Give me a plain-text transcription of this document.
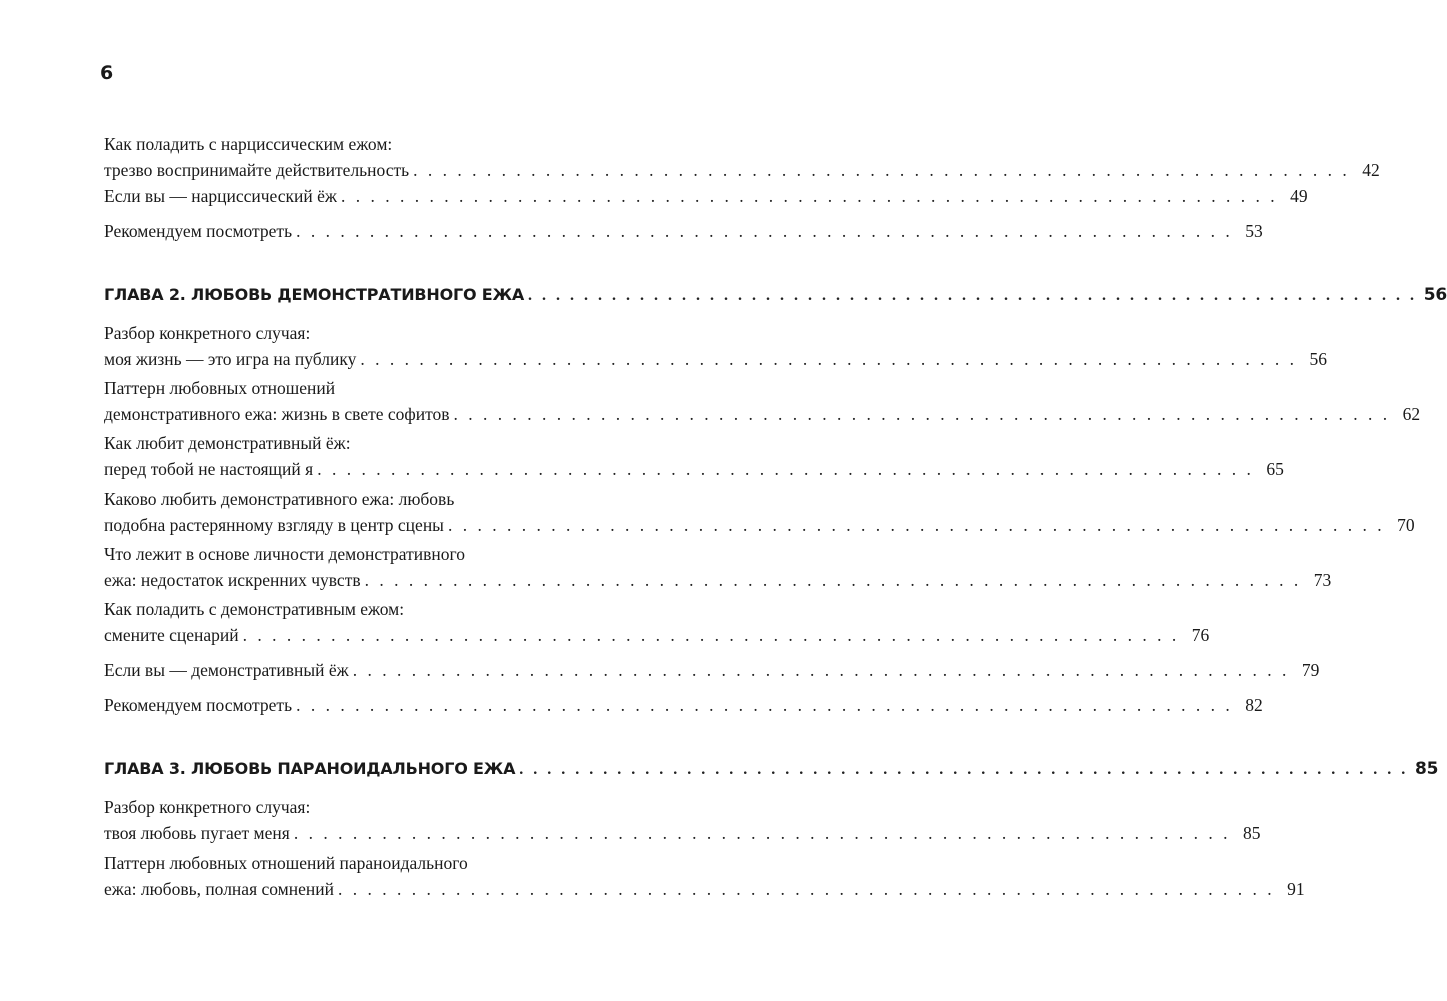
6
Как поладить с нарциссическим ежом:
трезво воспринимайте действительность . . . . . . . . . . . . . . . . . . . . . . . . . . . . . . . . . . . . . . . . . . . . . . . . . . . . . . . . . . . . . . . . 42
Если вы — нарциссический ёж . . . . . . . . . . . . . . . . . . . . . . . . . . . . . . . . . . . . . . . . . . . . . . . . . . . . . . . . . . . . . . . . 49
Рекомендуем посмотреть . . . . . . . . . . . . . . . . . . . . . . . . . . . . . . . . . . . . . . . . . . . . . . . . . . . . . . . . . . . . . . . . 53
ГЛАВА 2. ЛЮБОВЬ ДЕМОНСТРАТИВНОГО ЕЖА . . . . . . . . . . . . . . . . . . . . . . . . . . . . . . . . . . . . . . . . . . . . . . . . . . . . . . . . . . . . . . . . 56
Разбор конкретного случая:
моя жизнь — это игра на публику . . . . . . . . . . . . . . . . . . . . . . . . . . . . . . . . . . . . . . . . . . . . . . . . . . . . . . . . . . . . . . . . 56
Паттерн любовных отношений
демонстративного ежа: жизнь в свете софитов . . . . . . . . . . . . . . . . . . . . . . . . . . . . . . . . . . . . . . . . . . . . . . . . . . . . . . . . . . . . . . . . 62
Как любит демонстративный ёж:
перед тобой не настоящий я . . . . . . . . . . . . . . . . . . . . . . . . . . . . . . . . . . . . . . . . . . . . . . . . . . . . . . . . . . . . . . . . 65
Каково любить демонстративного ежа: любовь
подобна растерянному взгляду в центр сцены . . . . . . . . . . . . . . . . . . . . . . . . . . . . . . . . . . . . . . . . . . . . . . . . . . . . . . . . . . . . . . . . 70
Что лежит в основе личности демонстративного
ежа: недостаток искренних чувств . . . . . . . . . . . . . . . . . . . . . . . . . . . . . . . . . . . . . . . . . . . . . . . . . . . . . . . . . . . . . . . . 73
Как поладить с демонстративным ежом:
смените сценарий . . . . . . . . . . . . . . . . . . . . . . . . . . . . . . . . . . . . . . . . . . . . . . . . . . . . . . . . . . . . . . . . 76
Если вы — демонстративный ёж . . . . . . . . . . . . . . . . . . . . . . . . . . . . . . . . . . . . . . . . . . . . . . . . . . . . . . . . . . . . . . . . 79
Рекомендуем посмотреть . . . . . . . . . . . . . . . . . . . . . . . . . . . . . . . . . . . . . . . . . . . . . . . . . . . . . . . . . . . . . . . . 82
ГЛАВА 3. ЛЮБОВЬ ПАРАНОИДАЛЬНОГО ЕЖА . . . . . . . . . . . . . . . . . . . . . . . . . . . . . . . . . . . . . . . . . . . . . . . . . . . . . . . . . . . . . . . . 85
Разбор конкретного случая:
твоя любовь пугает меня . . . . . . . . . . . . . . . . . . . . . . . . . . . . . . . . . . . . . . . . . . . . . . . . . . . . . . . . . . . . . . . . 85
Паттерн любовных отношений параноидального
ежа: любовь, полная сомнений . . . . . . . . . . . . . . . . . . . . . . . . . . . . . . . . . . . . . . . . . . . . . . . . . . . . . . . . . . . . . . . . 91
